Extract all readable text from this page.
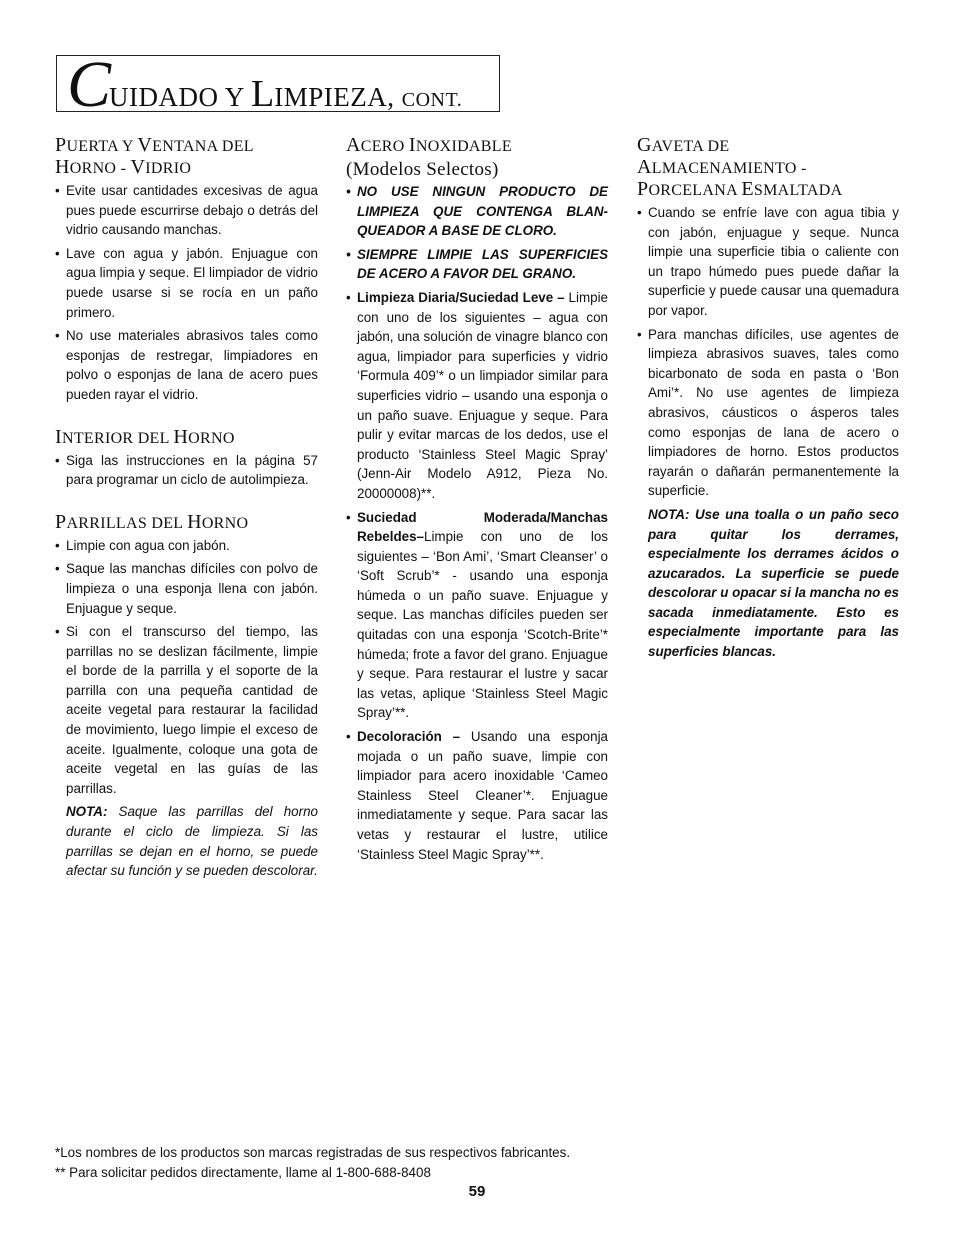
CUIDADO Y LIMPIEZA, CONT.
PUERTA Y VENTANA DEL
HORNO - VIDRIO
• Evite usar cantidades excesivas de agua pues puede escurrirse debajo o detrás del vidrio causando manchas.
• Lave con agua y jabón. Enjuague con agua limpia y seque. El limpiador de vidrio puede usarse si se rocía en un paño primero.
• No use materiales abrasivos tales como esponjas de restregar, limpiadores en polvo o esponjas de lana de acero pues pueden rayar el vidrio.
INTERIOR DEL HORNO
• Siga las instrucciones en la página 57 para programar un ciclo de autolimpieza.
PARRILLAS DEL HORNO
• Limpie con agua con jabón.
• Saque las manchas difíciles con polvo de limpieza o una esponja llena con jabón. Enjuague y seque.
• Si con el transcurso del tiempo, las parrillas no se deslizan fácilmente, limpie el borde de la parrilla y el soporte de la parrilla con una pequeña cantidad de aceite vegetal para restaurar la facilidad de movimiento, luego limpie el exceso de aceite. Igualmente, coloque una gota de aceite vegetal en las guías de las parrillas.
NOTA: Saque las parrillas del horno durante el ciclo de limpieza. Si las parrillas se dejan en el horno, se puede afectar su función y se pueden descolorar.
ACERO INOXIDABLE
(Modelos Selectos)
• NO USE NINGUN PRODUCTO DE LIMPIEZA QUE CONTENGA BLAN-QUEADOR A BASE DE CLORO.
• SIEMPRE LIMPIE LAS SUPERFICIES DE ACERO A FAVOR DEL GRANO.
• Limpieza Diaria/Suciedad Leve – Limpie con uno de los siguientes – agua con jabón, una solución de vinagre blanco con agua, limpiador para superficies y vidrio ‘Formula 409’* o un limpiador similar para superficies vidrio – usando una esponja o un paño suave. Enjuague y seque. Para pulir y evitar marcas de los dedos, use el producto ‘Stainless Steel Magic Spray’ (Jenn-Air Modelo A912, Pieza No. 20000008)**.
• Suciedad Moderada/Manchas Rebeldes–Limpie con uno de los siguientes – ‘Bon Ami’, ‘Smart Cleanser’ o ‘Soft Scrub’* - usando una esponja húmeda o un paño suave. Enjuague y seque. Las manchas difíciles pueden ser quitadas con una esponja ‘Scotch-Brite’* húmeda; frote a favor del grano. Enjuague y seque. Para restaurar el lustre y sacar las vetas, aplique ‘Stainless Steel Magic Spray’**.
• Decoloración – Usando una esponja mojada o un paño suave, limpie con limpiador para acero inoxidable ‘Cameo Stainless Steel Cleaner’*. Enjuague inmediatamente y seque. Para sacar las vetas y restaurar el lustre, utilice ‘Stainless Steel Magic Spray’**.
GAVETA DE
ALMACENAMIENTO -
PORCELANA ESMALTADA
• Cuando se enfríe lave con agua tibia y con jabón, enjuague y seque. Nunca limpie una superficie tibia o caliente con un trapo húmedo pues puede dañar la superficie y puede causar una quemadura por vapor.
• Para manchas difíciles, use agentes de limpieza abrasivos suaves, tales como bicarbonato de soda en pasta o ‘Bon Ami’*. No use agentes de limpieza abrasivos, cáusticos o ásperos tales como esponjas de lana de acero o limpiadores de horno. Estos productos rayarán o dañarán permanentemente la superficie.
NOTA: Use una toalla o un paño seco para quitar los derrames, especialmente los derrames ácidos o azucarados. La superficie se puede descolorar u opacar si la mancha no es sacada inmediatamente. Esto es especialmente importante para las superficies blancas.
*Los nombres de los productos son marcas registradas de sus respectivos fabricantes.
** Para solicitar pedidos directamente, llame al 1-800-688-8408
59
